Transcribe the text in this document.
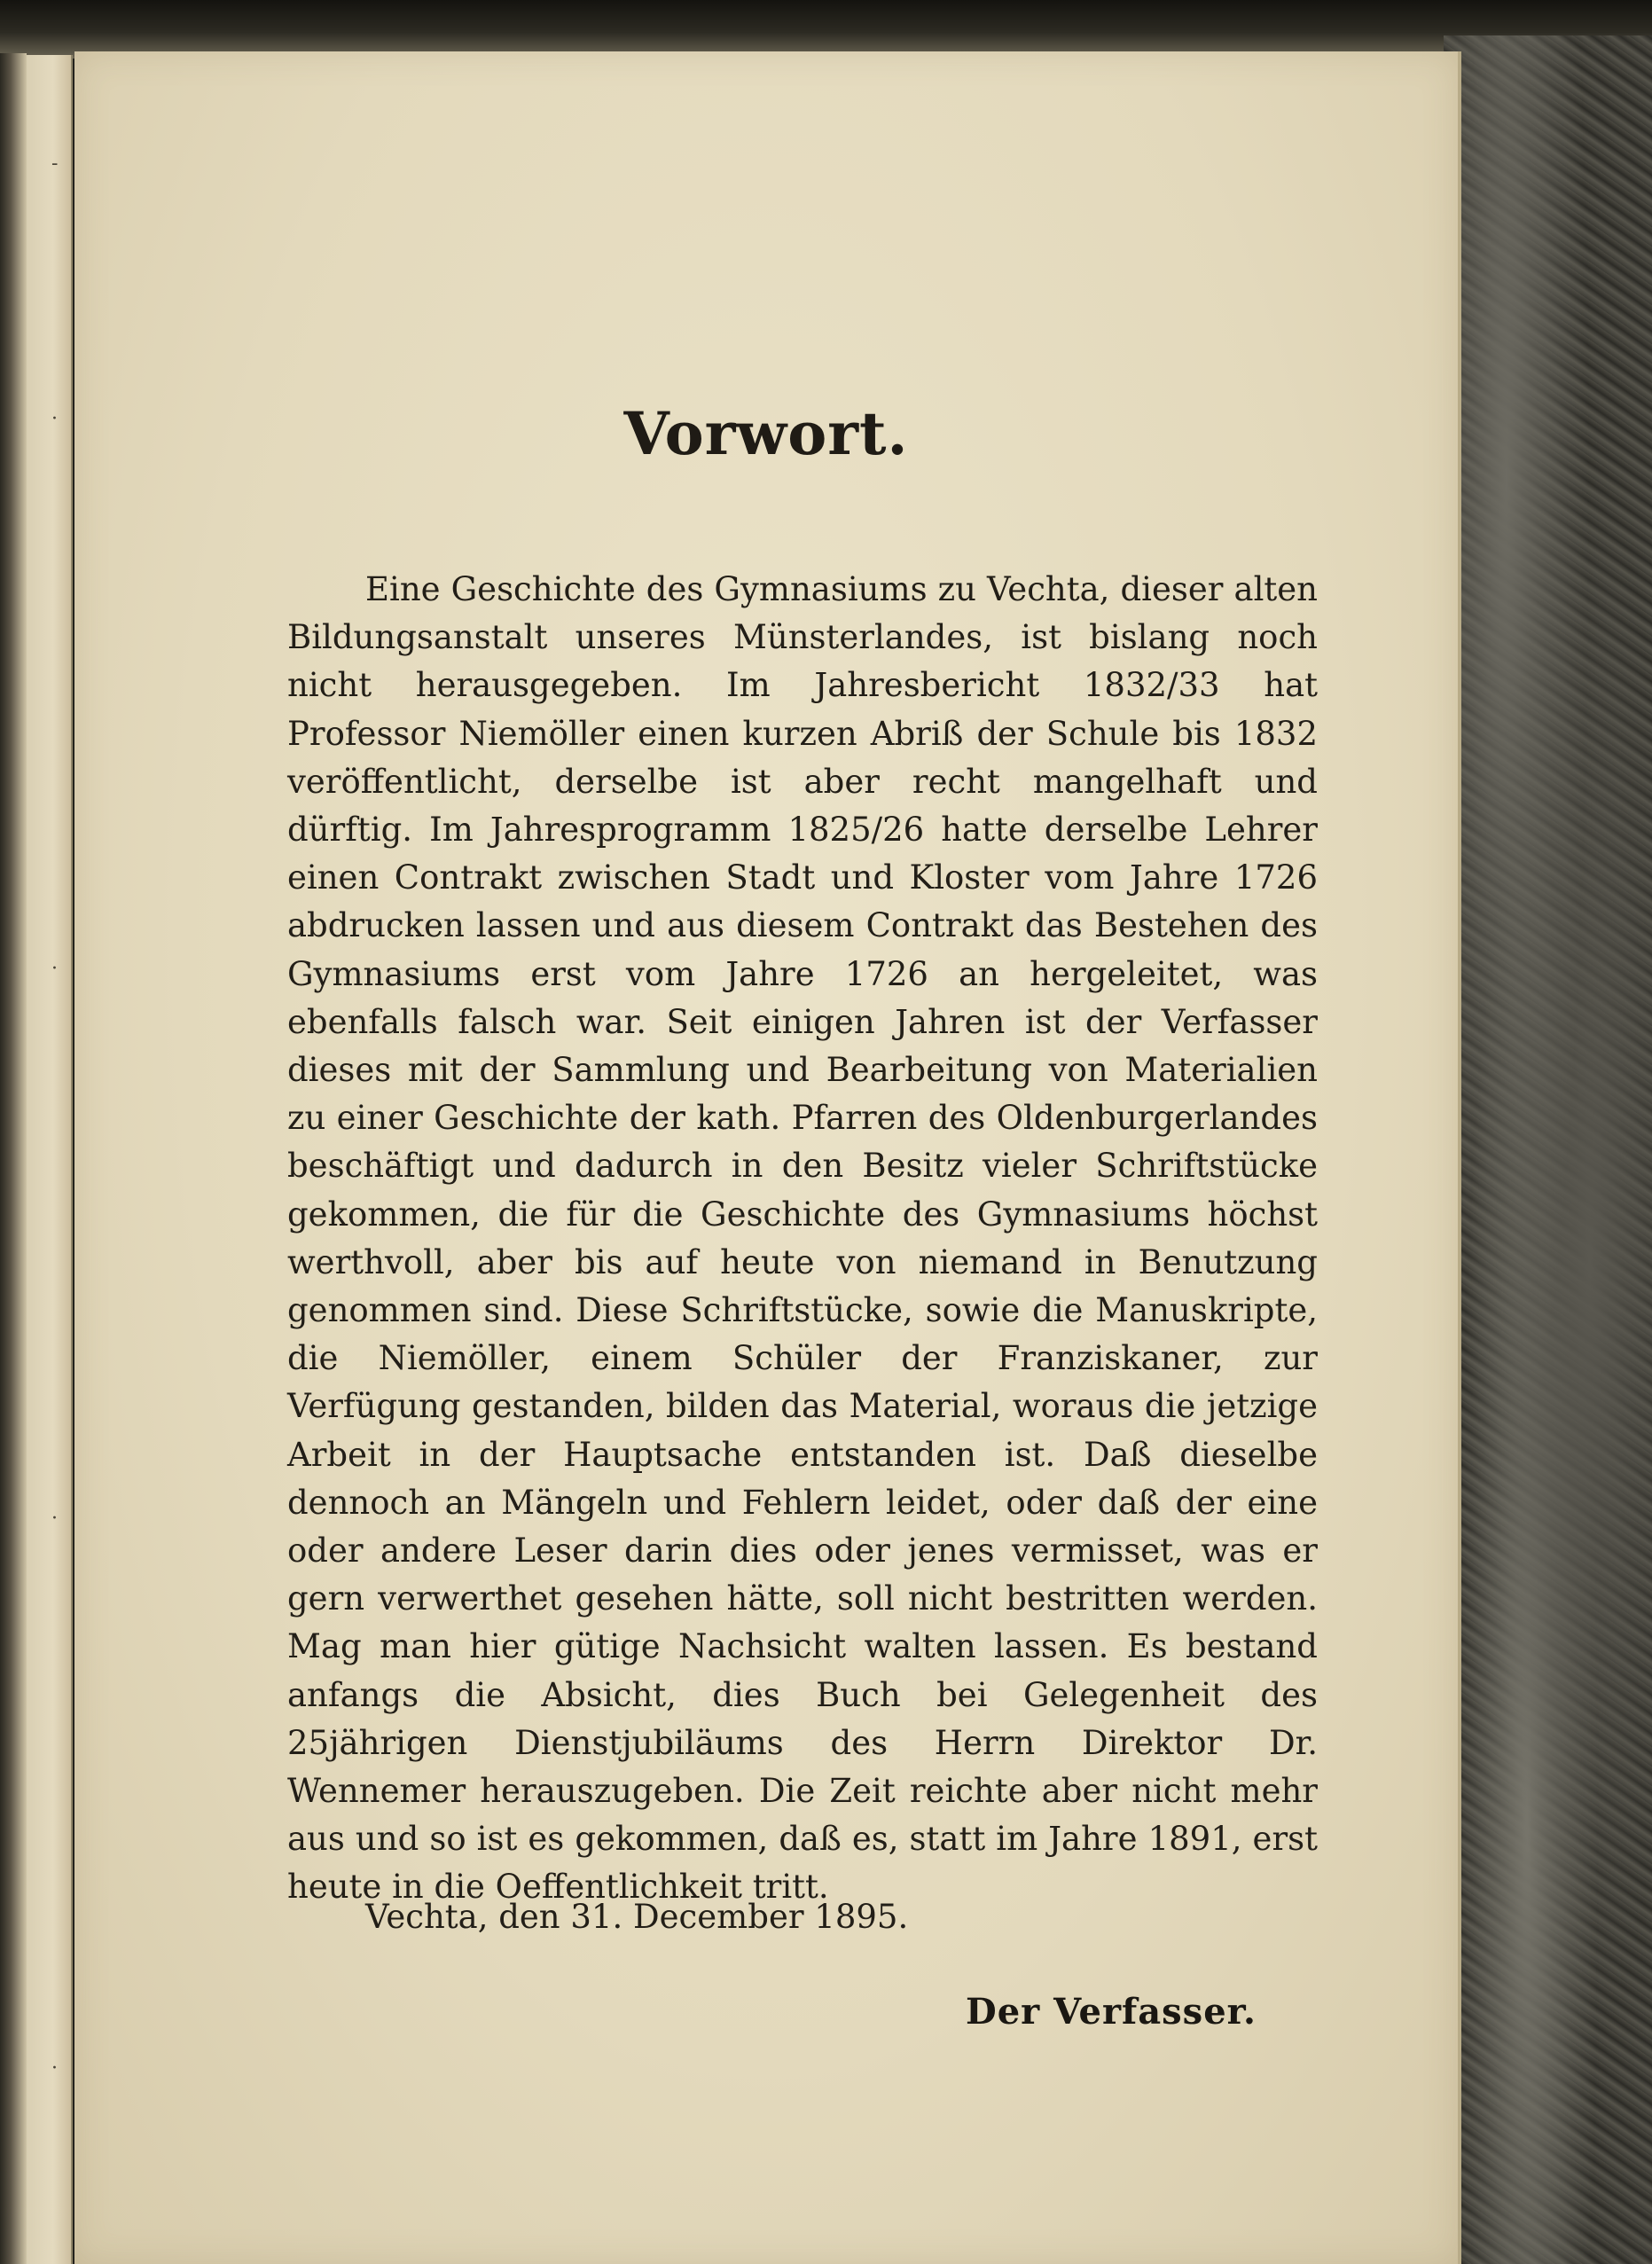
-
·
·
·
·
Vorwort.

Eine Geschichte des Gymnasiums zu Vechta, dieser alten Bildungsanstalt unseres Münsterlandes, ist bislang noch nicht herausgegeben. Im Jahresbericht 1832/33 hat Professor Niemöller einen kurzen Abriß der Schule bis 1832 veröffentlicht, derselbe ist aber recht mangelhaft und dürftig. Im Jahresprogramm 1825/26 hatte derselbe Lehrer einen Contrakt zwischen Stadt und Kloster vom Jahre 1726 abdrucken lassen und aus diesem Contrakt das Bestehen des Gymnasiums erst vom Jahre 1726 an hergeleitet, was ebenfalls falsch war. Seit einigen Jahren ist der Verfasser dieses mit der Sammlung und Bearbeitung von Materialien zu einer Geschichte der kath. Pfarren des Oldenburgerlandes beschäftigt und dadurch in den Besitz vieler Schriftstücke gekommen, die für die Geschichte des Gymnasiums höchst werthvoll, aber bis auf heute von niemand in Benutzung genommen sind. Diese Schriftstücke, sowie die Manuskripte, die Niemöller, einem Schüler der Franziskaner, zur Verfügung gestanden, bilden das Material, woraus die jetzige Arbeit in der Hauptsache entstanden ist. Daß dieselbe dennoch an Mängeln und Fehlern leidet, oder daß der eine oder andere Leser darin dies oder jenes vermisset, was er gern verwerthet gesehen hätte, soll nicht bestritten werden. Mag man hier gütige Nachsicht walten lassen. Es bestand anfangs die Absicht, dies Buch bei Gelegenheit des 25jährigen Dienstjubiläums des Herrn Direktor Dr. Wennemer herauszugeben. Die Zeit reichte aber nicht mehr aus und so ist es gekommen, daß es, statt im Jahre 1891, erst heute in die Oeffentlichkeit tritt.

Vechta, den 31. December 1895.
Der Verfasser.
